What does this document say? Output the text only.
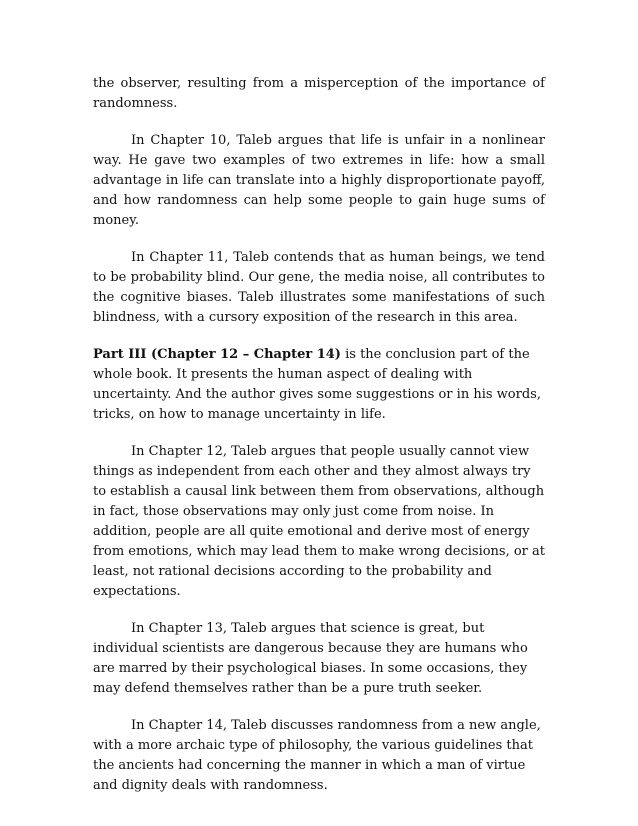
the observer, resulting from a misperception of the importance of randomness.

In Chapter 10, Taleb argues that life is unfair in a nonlinear way. He gave two examples of two extremes in life: how a small advantage in life can translate into a highly disproportionate payoff, and how randomness can help some people to gain huge sums of money.

In Chapter 11, Taleb contends that as human beings, we tend to be probability blind. Our gene, the media noise, all contributes to the cognitive biases. Taleb illustrates some manifestations of such blindness, with a cursory exposition of the research in this area.

Part III (Chapter 12 – Chapter 14) is the conclusion part of the whole book. It presents the human aspect of dealing with uncertainty. And the author gives some suggestions or in his words, tricks, on how to manage uncertainty in life.

In Chapter 12, Taleb argues that people usually cannot view things as independent from each other and they almost always try to establish a causal link between them from observations, although in fact, those observations may only just come from noise. In addition, people are all quite emotional and derive most of energy from emotions, which may lead them to make wrong decisions, or at least, not rational decisions according to the probability and expectations.

In Chapter 13, Taleb argues that science is great, but individual scientists are dangerous because they are humans who are marred by their psychological biases. In some occasions, they may defend themselves rather than be a pure truth seeker.

In Chapter 14, Taleb discusses randomness from a new angle, with a more archaic type of philosophy, the various guidelines that the ancients had concerning the manner in which a man of virtue and dignity deals with randomness.
